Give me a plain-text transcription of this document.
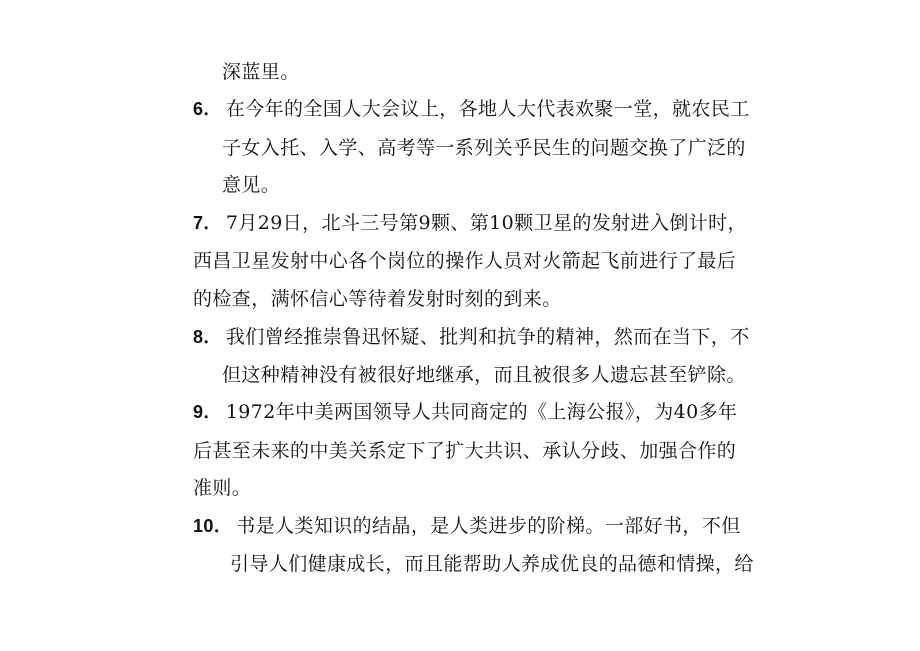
深蓝里。
6． 在今年的全国人大会议上，各地人大代表欢聚一堂，就农民工
子女入托、入学、高考等一系列关乎民生的问题交换了广泛的
意见。
7． 7月29日，北斗三号第9颗、第10颗卫星的发射进入倒计时，
西昌卫星发射中心各个岗位的操作人员对火箭起飞前进行了最后
的检查，满怀信心等待着发射时刻的到来。
8． 我们曾经推崇鲁迅怀疑、批判和抗争的精神，然而在当下，不
但这种精神没有被很好地继承，而且被很多人遗忘甚至铲除。
9． 1972年中美两国领导人共同商定的《上海公报》，为40多年
后甚至未来的中美关系定下了扩大共识、承认分歧、加强合作的
准则。
10． 书是人类知识的结晶，是人类进步的阶梯。一部好书，不但
引导人们健康成长，而且能帮助人养成优良的品德和情操，给
